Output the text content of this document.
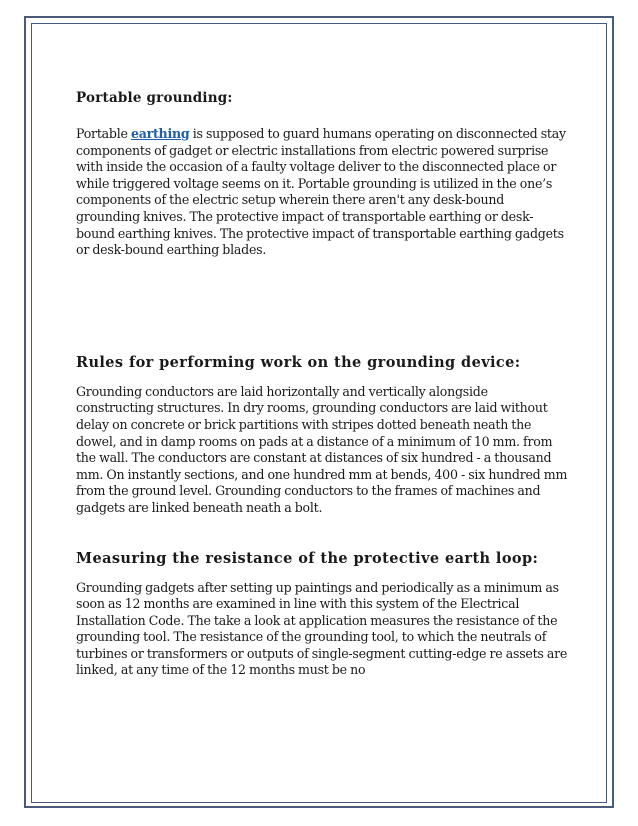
Portable grounding:

Portable earthing is supposed to guard humans operating on disconnected stay components of gadget or electric installations from electric powered surprise with inside the occasion of a faulty voltage deliver to the disconnected place or while triggered voltage seems on it. Portable grounding is utilized in the one’s components of the electric setup wherein there aren't any desk-bound grounding knives. The protective impact of transportable earthing or desk-bound earthing knives. The protective impact of transportable earthing gadgets or desk-bound earthing blades.

Rules for performing work on the grounding device:

Grounding conductors are laid horizontally and vertically alongside constructing structures. In dry rooms, grounding conductors are laid without delay on concrete or brick partitions with stripes dotted beneath neath the dowel, and in damp rooms on pads at a distance of a minimum of 10 mm. from the wall. The conductors are constant at distances of six hundred - a thousand mm. On instantly sections, and one hundred mm at bends, 400 - six hundred mm from the ground level. Grounding conductors to the frames of machines and gadgets are linked beneath neath a bolt.

Measuring the resistance of the protective earth loop:

Grounding gadgets after setting up paintings and periodically as a minimum as soon as 12 months are examined in line with this system of the Electrical Installation Code. The take a look at application measures the resistance of the grounding tool. The resistance of the grounding tool, to which the neutrals of turbines or transformers or outputs of single-segment cutting-edge re assets are linked, at any time of the 12 months must be no
